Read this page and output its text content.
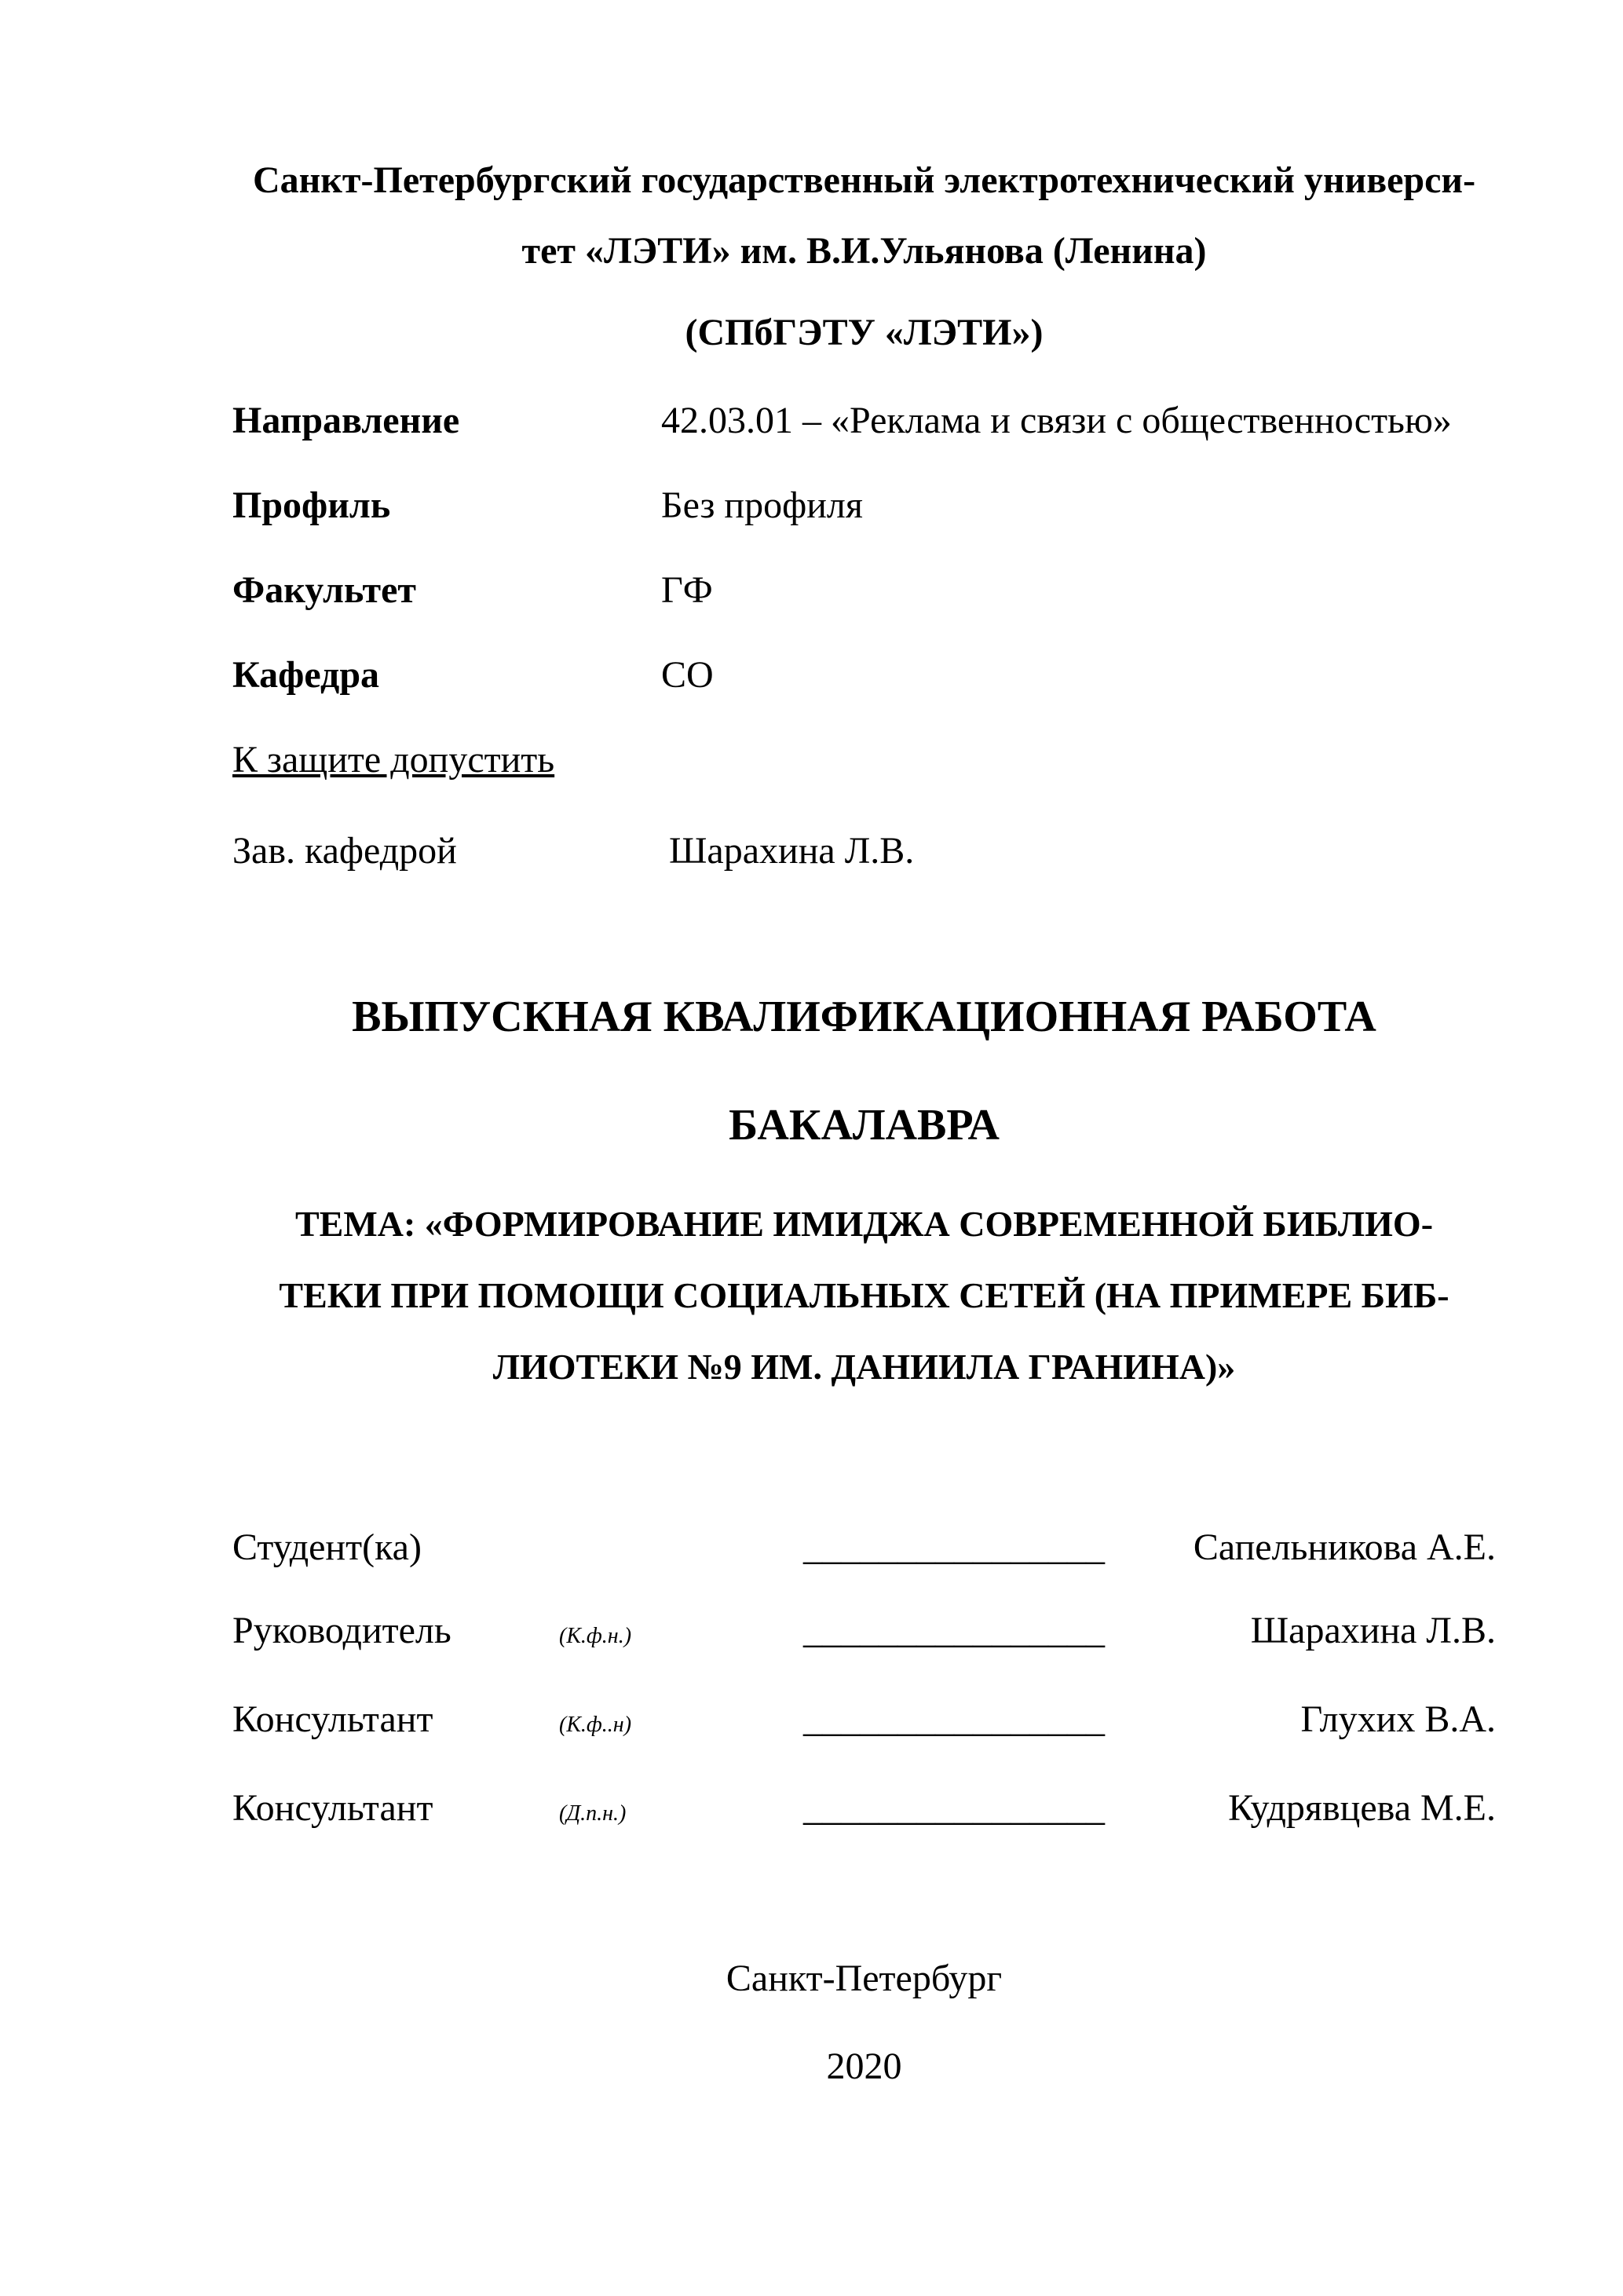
Санкт-Петербургский государственный электротехнический универси-
тет «ЛЭТИ» им. В.И.Ульянова (Ленина)
(СПбГЭТУ «ЛЭТИ»)
Направление	42.03.01 – «Реклама и связи с общественностью»
Профиль	Без профиля
Факультет	ГФ
Кафедра	СО
К защите допустить
Зав. кафедрой	Шарахина Л.В.
ВЫПУСКНАЯ КВАЛИФИКАЦИОННАЯ РАБОТА
БАКАЛАВРА
ТЕМА: «ФОРМИРОВАНИЕ ИМИДЖА СОВРЕМЕННОЙ БИБЛИО-
ТЕКИ ПРИ ПОМОЩИ СОЦИАЛЬНЫХ СЕТЕЙ (НА ПРИМЕРЕ БИБ-
ЛИОТЕКИ №9 ИМ. ДАНИИЛА ГРАНИНА)»
Студент(ка)	________________	Сапельникова А.Е.
Руководитель	(К.ф.н.)	________________	Шарахина Л.В.
Консультант	(К.ф..н)	________________	Глухих В.А.
Консультант	(Д.п.н.)	________________	Кудрявцева М.Е.
Санкт-Петербург
2020
